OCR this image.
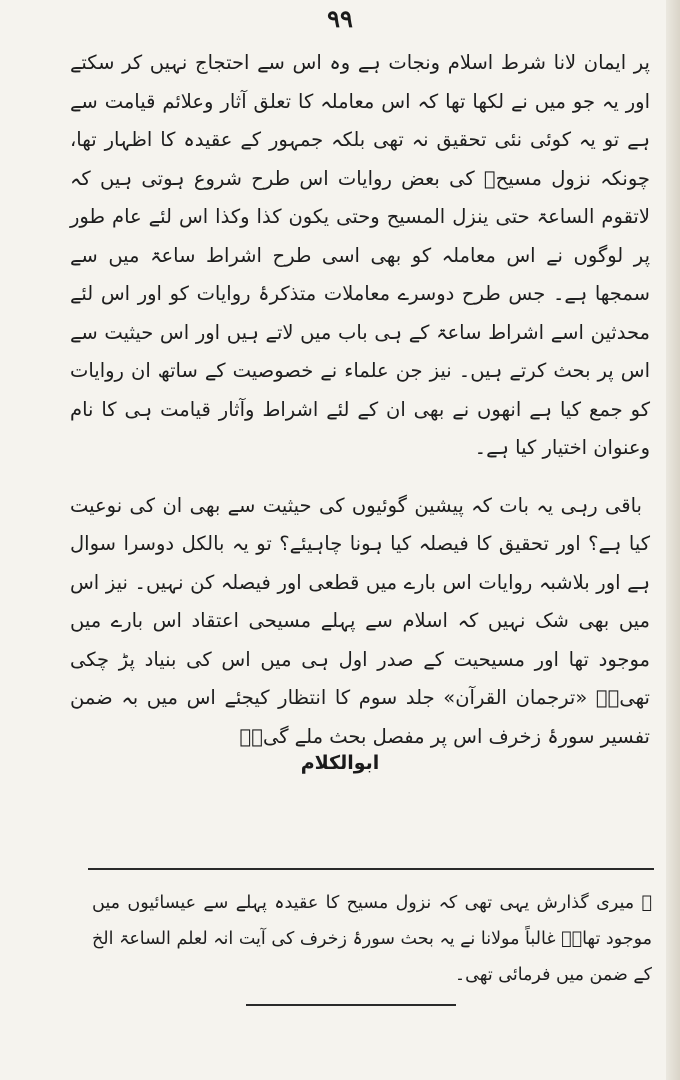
۹۹

پر ایمان لانا شرط اسلام ونجات ہے وہ اس سے احتجاج نہیں کر سکتے اور یہ جو میں نے لکھا تھا کہ اس معاملہ کا تعلق آثار وعلائم قیامت سے ہے تو یہ کوئی نئی تحقیق نہ تھی بلکہ جمہور کے عقیدہ کا اظہار تھا، چونکہ نزول مسیحؑ کی بعض روایات اس طرح شروع ہوتی ہیں کہ لاتقوم الساعۃ حتی ینزل المسیح وحتی یکون کذا وکذا اس لئے عام طور پر لوگوں نے اس معاملہ کو بھی اسی طرح اشراط ساعۃ میں سے سمجھا ہے۔ جس طرح دوسرے معاملات متذکرۂ روایات کو اور اس لئے محدثین اسے اشراط ساعۃ کے ہی باب میں لاتے ہیں اور اس حیثیت سے اس پر بحث کرتے ہیں۔ نیز جن علماء نے خصوصیت کے ساتھ ان روایات کو جمع کیا ہے انھوں نے بھی ان کے لئے اشراط وآثار قیامت ہی کا نام وعنوان اختیار کیا ہے۔

باقی رہی یہ بات کہ پیشین گوئیوں کی حیثیت سے بھی ان کی نوعیت کیا ہے؟ اور تحقیق کا فیصلہ کیا ہونا چاہیئے؟ تو یہ بالکل دوسرا سوال ہے اور بلاشبہ روایات اس بارے میں قطعی اور فیصلہ کن نہیں۔ نیز اس میں بھی شک نہیں کہ اسلام سے پہلے مسیحی اعتقاد اس بارے میں موجود تھا اور مسیحیت کے صدر اول ہی میں اس کی بنیاد پڑ چکی تھی۔ؔ «ترجمان القرآن» جلد سوم کا انتظار کیجئے اس میں بہ ضمن تفسیر سورۂ زخرف اس پر مفصل بحث ملے گی۔ؔ

ابوالکلام

ؔ میری گذارش یہی تھی کہ نزول مسیح کا عقیدہ پہلے سے عیسائیوں میں موجود تھا۔ؔ غالباً مولانا نے یہ بحث سورۂ زخرف کی آیت انہ لعلم الساعۃ الخ کے ضمن میں فرمائی تھی۔
